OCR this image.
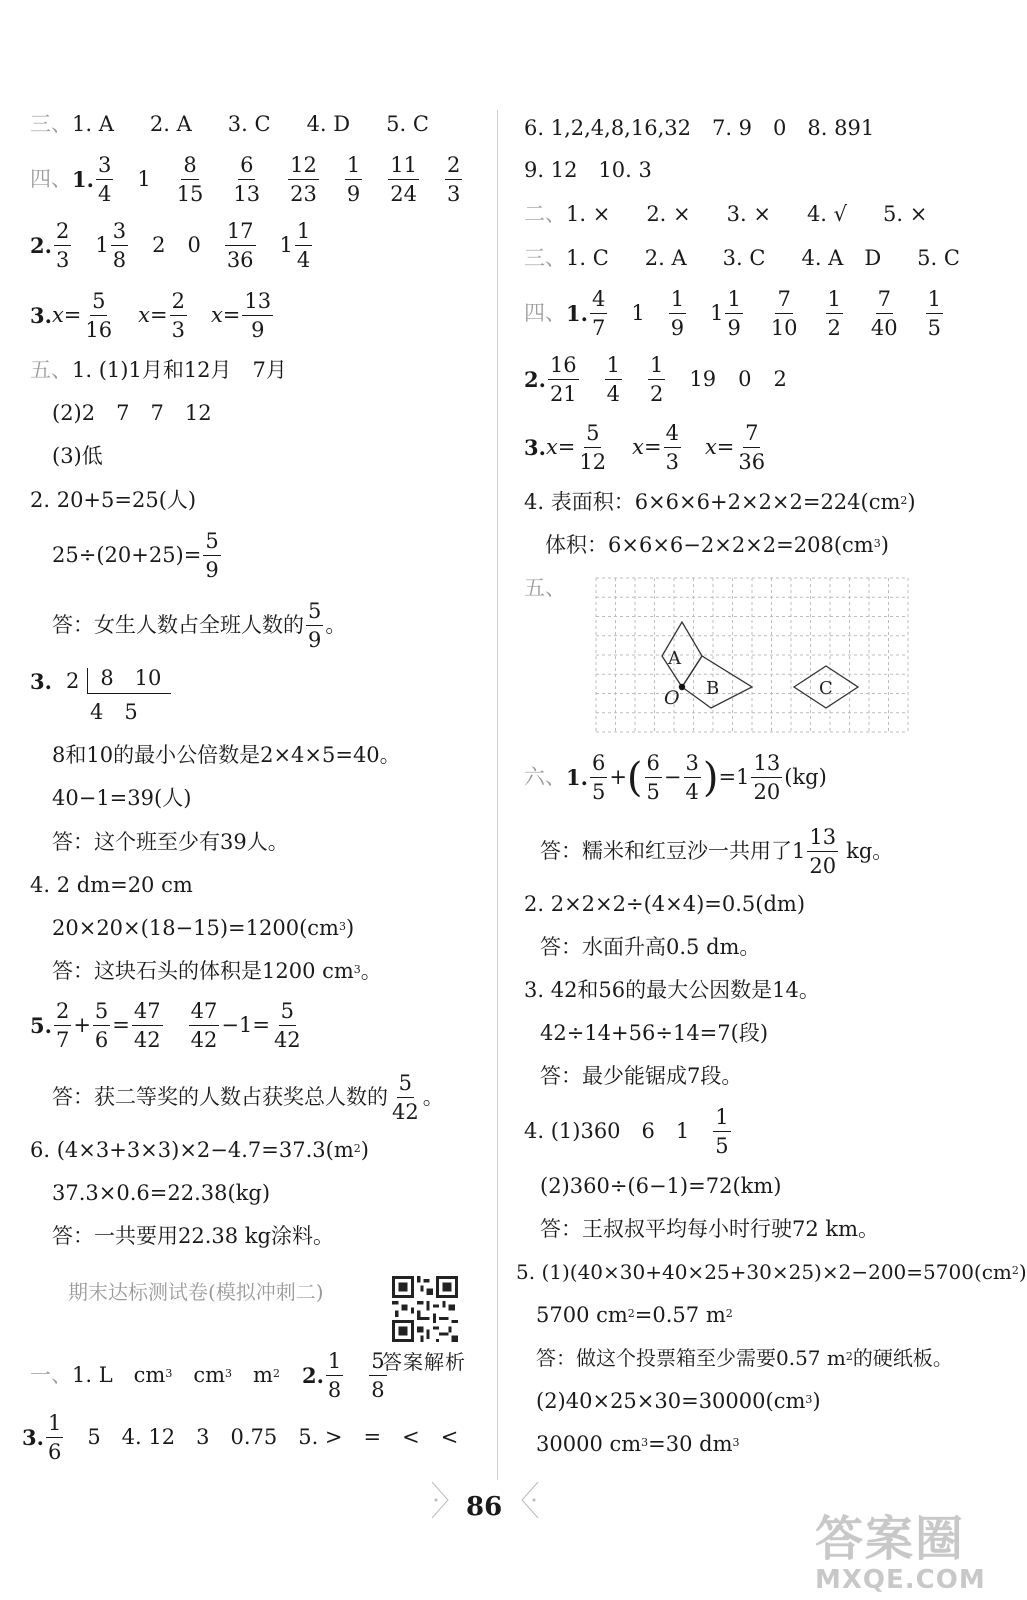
三、 1. A 2. A 3. C 4. D 5. C
四、 1. $\frac{3}{4} 1 \frac{8}{15} \frac{6}{13} \frac{12}{23} \frac{1}{9} \frac{11}{24} \frac{2}{3}$
2. $\frac{2}{3} 1 \frac{3}{8} 2$ $0 \frac{17}{36} 1 \frac{1}{4}$
3. $x= \frac{5}{16} x= \frac{2}{3} x= \frac{13}{9}$
五、 1. (1)1月和12月　7月
(2)2　7　7　12
(3)低
2. 20+5=25(人)
$25\div(20+25)= \frac{5}{9}$
答：女生人数占全班人数的 $\frac{5}{9}$ 。
3. 2	8　10
4　5
8和10的最小公倍数是2×4×5=40。
40−1=39(人)
答：这个班至少有39人。
4. 2 dm=20 cm
$20\times 20\times(18-15)=1200(cm^3$ )
答：这块石头的体积是1200 $cm^3$ 。
5. $\frac{2}{7} + \frac{5}{6} = \frac{47}{42} \frac{47}{42} -1= \frac{5}{42}$
答：获二等奖的人数占获奖总人数的 $\frac{5}{42}$ 。
6. $(4\times 3+3\times 3)\times 2-4.7=37.3(m^2$ )
37.3×0.6=22.38(kg)
答：一共要用22.38 kg涂料。
期末达标测试卷(模拟冲刺二)
答案解析
一、 1. L　$cm^3$ 　$cm^3$ 　$m^2$ 2. $\frac{1}{8} \frac{5}{8}$
3. $\frac{1}{6} 5$　4. 12　3　0.75　5. >　=　<　<
6. 1,2,4,8,16,32　7. 9　0　8. 891
9. 12　10. 3
二、 1. × 2. × 3. × 4. √ 5. ×
三、 1. C 2. A 3. C 4. A　D 5. C
四、 1. $\frac{4}{7} 1 \frac{1}{9} 1 \frac{1}{9} \frac{7}{10} \frac{1}{2} \frac{7}{40} \frac{1}{5}$
2. $\frac{16}{21} \frac{1}{4} \frac{1}{2} 19$ 0 2
3. $x= \frac{5}{12} x= \frac{4}{3} x= \frac{7}{36}$
4. 表面积：$6\times 6\times 6+2\times 2\times 2=224(cm^2$ )
体积：$6\times 6\times 6-2\times 2\times 2=208(cm^3$ )
五、
A
B	C
O
六、 1. $\frac{6}{5}$ + ( $\frac{6}{5} - \frac{3}{4}$ ) $=1 \frac{13}{20} (kg)$
答：糯米和红豆沙一共用了 $1 \frac{13}{20}$ kg。
2. 2×2×2÷(4×4)=0.5(dm)
答：水面升高0.5 dm。
3. 42和56的最大公因数是14。
42÷14+56÷14=7(段)
答：最少能锯成7段。
4. (1)360　6　$1 \frac{1}{5}$
(2)360÷(6−1)=72(km)
答：王叔叔平均每小时行驶72 km。
5. $(1)(40\times 30+40\times 25+30\times 25)\times 2-200=5700(cm^2$ )
5700 $cm^2 =0.57$ $m^2$
答：做这个投票箱至少需要0.57 $m^2$ 的硬纸板。
$(2)40\times 25\times 30=30000(cm^3$ )
30000 $cm^3 =30$ $dm^3$
86
答案圈
MXQE.COM
